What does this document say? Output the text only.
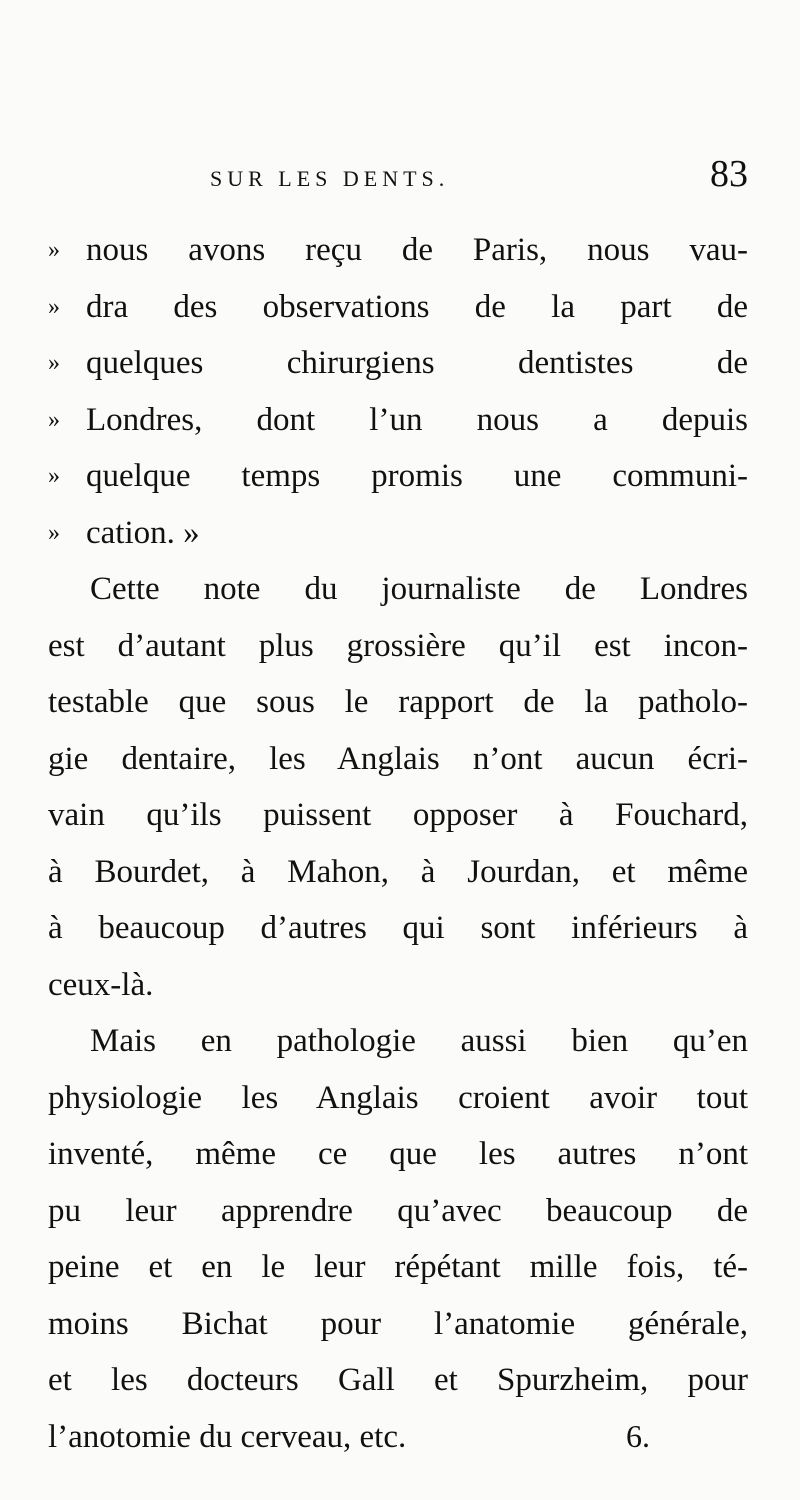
SUR LES DENTS.	83
» nous avons reçu de Paris, nous vau-
» dra des observations de la part de
» quelques chirurgiens dentistes de
» Londres, dont l’un nous a depuis
» quelque temps promis une communi-
» cation. »
Cette note du journaliste de Londres
est d’autant plus grossière qu’il est incon-
testable que sous le rapport de la patholo-
gie dentaire, les Anglais n’ont aucun écri-
vain qu’ils puissent opposer à Fouchard,
à Bourdet, à Mahon, à Jourdan, et même
à beaucoup d’autres qui sont inférieurs à
ceux-là.
Mais en pathologie aussi bien qu’en
physiologie les Anglais croient avoir tout
inventé, même ce que les autres n’ont
pu leur apprendre qu’avec beaucoup de
peine et en le leur répétant mille fois, té-
moins Bichat pour l’anatomie générale,
et les docteurs Gall et Spurzheim, pour
l’anotomie du cerveau, etc.	6.
